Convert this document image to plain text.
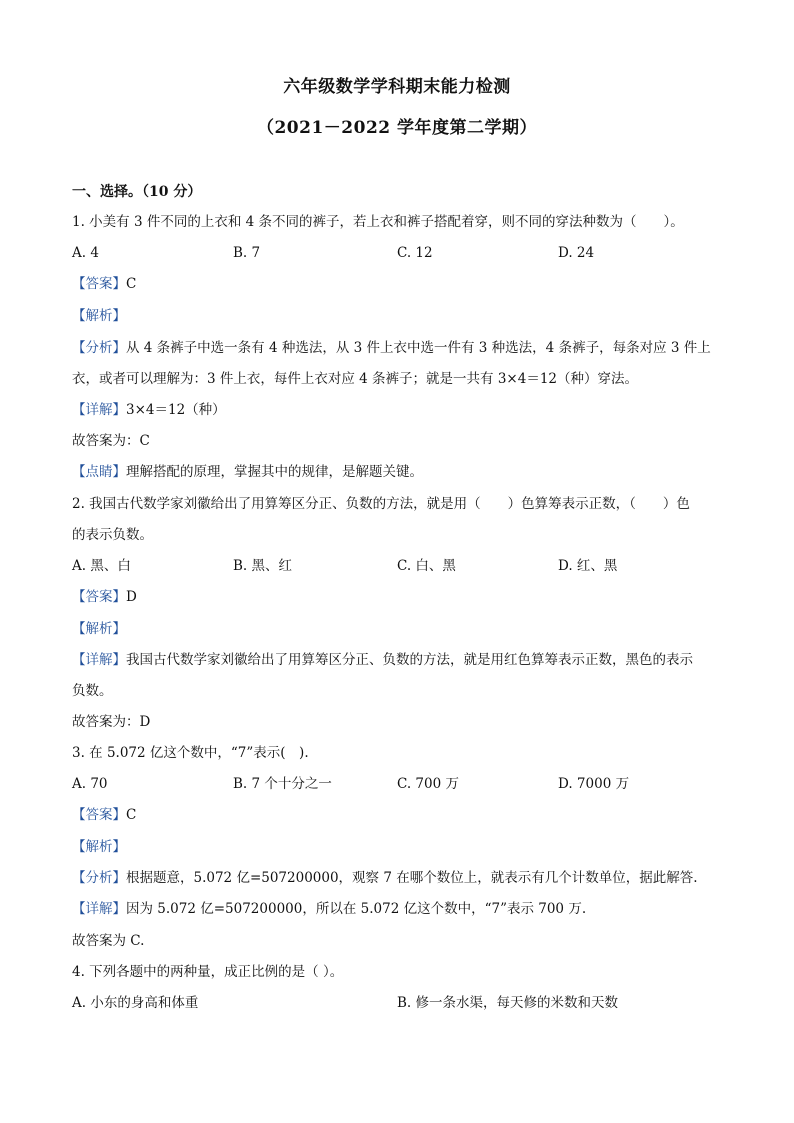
六年级数学学科期末能力检测
（2021－2022 学年度第二学期）
一、选择。（10 分）
1. 小美有 3 件不同的上衣和 4 条不同的裤子，若上衣和裤子搭配着穿，则不同的穿法种数为（　　）。
A. 4	B. 7	C. 12	D. 24
【答案】C
【解析】
【分析】从 4 条裤子中选一条有 4 种选法，从 3 件上衣中选一件有 3 种选法，4 条裤子，每条对应 3 件上
衣，或者可以理解为：3 件上衣，每件上衣对应 4 条裤子；就是一共有 3×4＝12（种）穿法。
【详解】3×4＝12（种）
故答案为：C
【点睛】理解搭配的原理，掌握其中的规律，是解题关键。
2. 我国古代数学家刘徽给出了用算筹区分正、负数的方法，就是用（　　）色算筹表示正数，（　　）色
的表示负数。
A. 黑、白	B. 黑、红	C. 白、黑	D. 红、黑
【答案】D
【解析】
【详解】我国古代数学家刘徽给出了用算筹区分正、负数的方法，就是用红色算筹表示正数，黑色的表示
负数。
故答案为：D
3. 在 5.072 亿这个数中，“7”表示(　).
A. 70	B. 7 个十分之一	C. 700 万	D. 7000 万
【答案】C
【解析】
【分析】根据题意，5.072 亿=507200000，观察 7 在哪个数位上，就表示有几个计数单位，据此解答.
【详解】因为 5.072 亿=507200000，所以在 5.072 亿这个数中，“7”表示 700 万.
故答案为 C.
4. 下列各题中的两种量，成正比例的是（ ）。
A. 小东的身高和体重	B. 修一条水渠，每天修的米数和天数
